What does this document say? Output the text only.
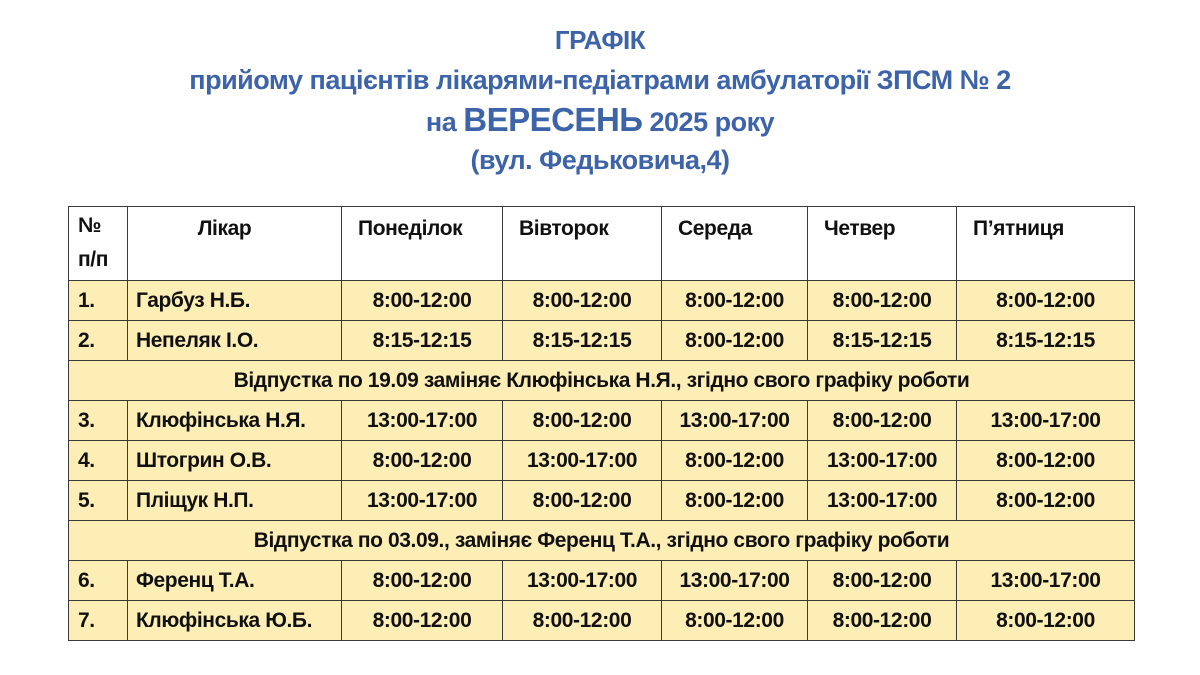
ГРАФІК
прийому пацієнтів лікарями-педіатрами амбулаторії ЗПСМ № 2
на ВЕРЕСЕНЬ 2025 року
(вул. Федьковича,4)
№
п/п	Лікар	Понеділок	Вівторок	Середа	Четвер	П’ятниця
1.	Гарбуз Н.Б.	8:00-12:00	8:00-12:00	8:00-12:00	8:00-12:00	8:00-12:00
2.	Непеляк І.О.	8:15-12:15	8:15-12:15	8:00-12:00	8:15-12:15	8:15-12:15
Відпустка по 19.09 заміняє Клюфінська Н.Я., згідно свого графіку роботи						
3.	Клюфінська Н.Я.	13:00-17:00	8:00-12:00	13:00-17:00	8:00-12:00	13:00-17:00
4.	Штогрин О.В.	8:00-12:00	13:00-17:00	8:00-12:00	13:00-17:00	8:00-12:00
5.	Пліщук Н.П.	13:00-17:00	8:00-12:00	8:00-12:00	13:00-17:00	8:00-12:00
Відпустка по 03.09., заміняє Ференц Т.А., згідно свого графіку роботи						
6.	Ференц Т.А.	8:00-12:00	13:00-17:00	13:00-17:00	8:00-12:00	13:00-17:00
7.	Клюфінська Ю.Б.	8:00-12:00	8:00-12:00	8:00-12:00	8:00-12:00	8:00-12:00
